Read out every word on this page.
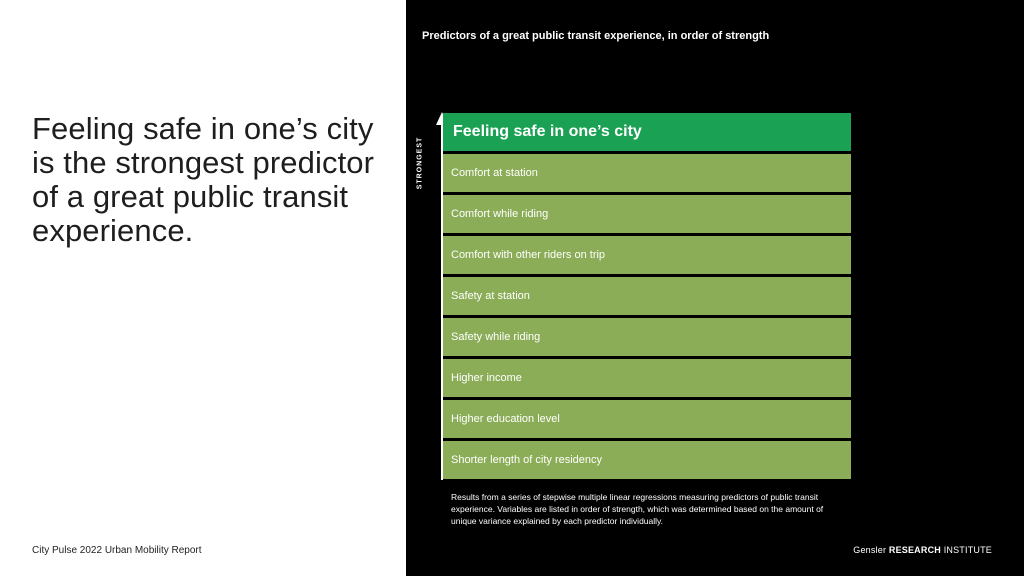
Feeling safe in one’s city
is the strongest predictor
of a great public transit
experience.

City Pulse 2022 Urban Mobility Report

Predictors of a great public transit experience, in order of strength
STRONGEST
Feeling safe in one’s city
Comfort at station
Comfort while riding
Comfort with other riders on trip
Safety at station
Safety while riding
Higher income
Higher education level
Shorter length of city residency

Results from a series of stepwise multiple linear regressions measuring predictors of public transit experience. Variables are listed in order of strength, which was determined based on the amount of unique variance explained by each predictor individually.

Gensler RESEARCH INSTITUTE
